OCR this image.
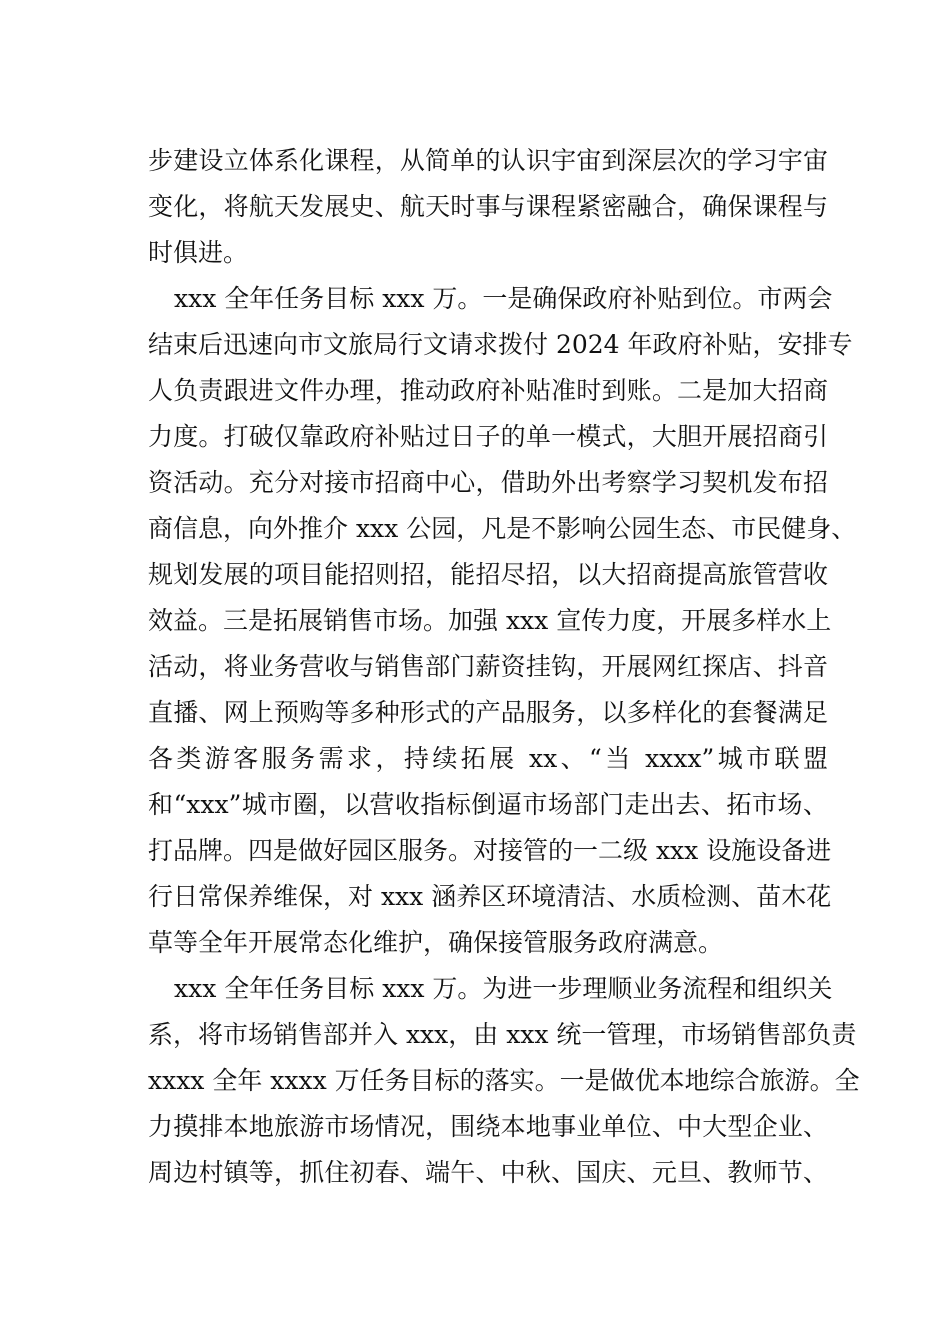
步建设立体系化课程，从简单的认识宇宙到深层次的学习宇宙
变化，将航天发展史、航天时事与课程紧密融合，确保课程与
时俱进。
xxx 全年任务目标 xxx 万。一是确保政府补贴到位。市两会
结束后迅速向市文旅局行文请求拨付 2024 年政府补贴，安排专
人负责跟进文件办理，推动政府补贴准时到账。二是加大招商
力度。打破仅靠政府补贴过日子的单一模式，大胆开展招商引
资活动。充分对接市招商中心，借助外出考察学习契机发布招
商信息，向外推介 xxx 公园，凡是不影响公园生态、市民健身、
规划发展的项目能招则招，能招尽招，以大招商提高旅管营收
效益。三是拓展销售市场。加强 xxx 宣传力度，开展多样水上
活动，将业务营收与销售部门薪资挂钩，开展网红探店、抖音
直播、网上预购等多种形式的产品服务，以多样化的套餐满足
各类游客服务需求，持续拓展 xx、“当 xxxx”城市联盟
和“xxx”城市圈，以营收指标倒逼市场部门走出去、拓市场、
打品牌。四是做好园区服务。对接管的一二级 xxx 设施设备进
行日常保养维保，对 xxx 涵养区环境清洁、水质检测、苗木花
草等全年开展常态化维护，确保接管服务政府满意。
xxx 全年任务目标 xxx 万。为进一步理顺业务流程和组织关
系，将市场销售部并入 xxx，由 xxx 统一管理，市场销售部负责
xxxx 全年 xxxx 万任务目标的落实。一是做优本地综合旅游。全
力摸排本地旅游市场情况，围绕本地事业单位、中大型企业、
周边村镇等，抓住初春、端午、中秋、国庆、元旦、教师节、
